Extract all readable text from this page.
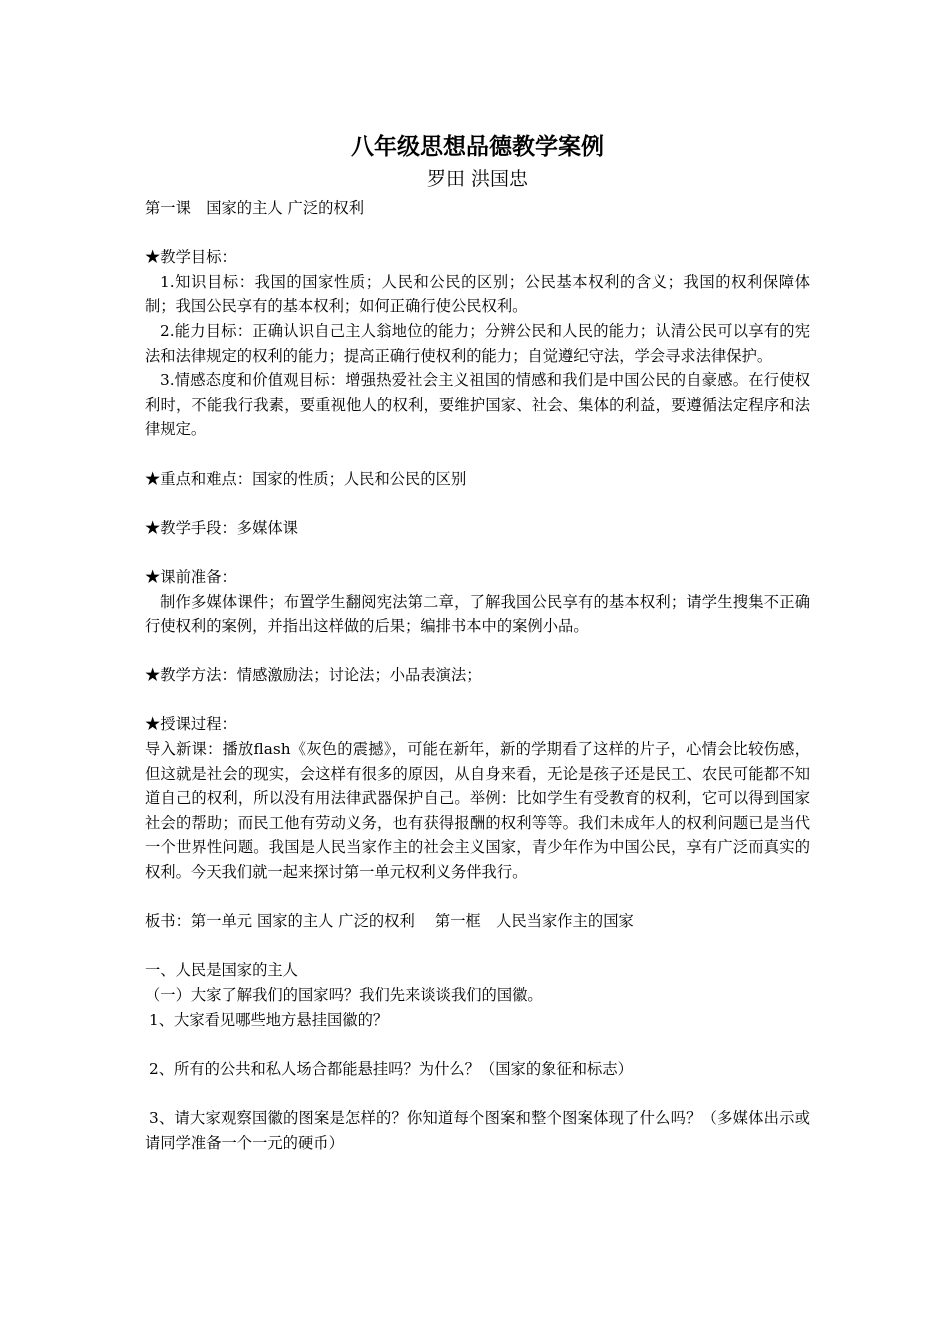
八年级思想品德教学案例

罗田 洪国忠

第一课　国家的主人 广泛的权利

★教学目标：

1.知识目标：我国的国家性质；人民和公民的区别；公民基本权利的含义；我国的权利保障体制；我国公民享有的基本权利；如何正确行使公民权利。

2.能力目标：正确认识自己主人翁地位的能力；分辨公民和人民的能力；认清公民可以享有的宪法和法律规定的权利的能力；提高正确行使权利的能力；自觉遵纪守法，学会寻求法律保护。

3.情感态度和价值观目标：增强热爱社会主义祖国的情感和我们是中国公民的自豪感。在行使权利时，不能我行我素，要重视他人的权利，要维护国家、社会、集体的利益，要遵循法定程序和法律规定。

★重点和难点：国家的性质；人民和公民的区别

★教学手段：多媒体课

★课前准备：

制作多媒体课件；布置学生翻阅宪法第二章，了解我国公民享有的基本权利；请学生搜集不正确行使权利的案例，并指出这样做的后果；编排书本中的案例小品。

★教学方法：情感激励法；讨论法；小品表演法；

★授课过程：

导入新课：播放flash《灰色的震撼》，可能在新年，新的学期看了这样的片子，心情会比较伤感，但这就是社会的现实，会这样有很多的原因，从自身来看，无论是孩子还是民工、农民可能都不知道自己的权利，所以没有用法律武器保护自己。举例：比如学生有受教育的权利，它可以得到国家社会的帮助；而民工他有劳动义务，也有获得报酬的权利等等。我们未成年人的权利问题已是当代一个世界性问题。我国是人民当家作主的社会主义国家，青少年作为中国公民，享有广泛而真实的权利。今天我们就一起来探讨第一单元权利义务伴我行。

板书：第一单元 国家的主人 广泛的权利　 第一框　人民当家作主的国家

一、人民是国家的主人

（一）大家了解我们的国家吗？我们先来谈谈我们的国徽。

1、大家看见哪些地方悬挂国徽的？

2、所有的公共和私人场合都能悬挂吗？为什么？（国家的象征和标志）

3、请大家观察国徽的图案是怎样的？你知道每个图案和整个图案体现了什么吗？（多媒体出示或请同学准备一个一元的硬币）
